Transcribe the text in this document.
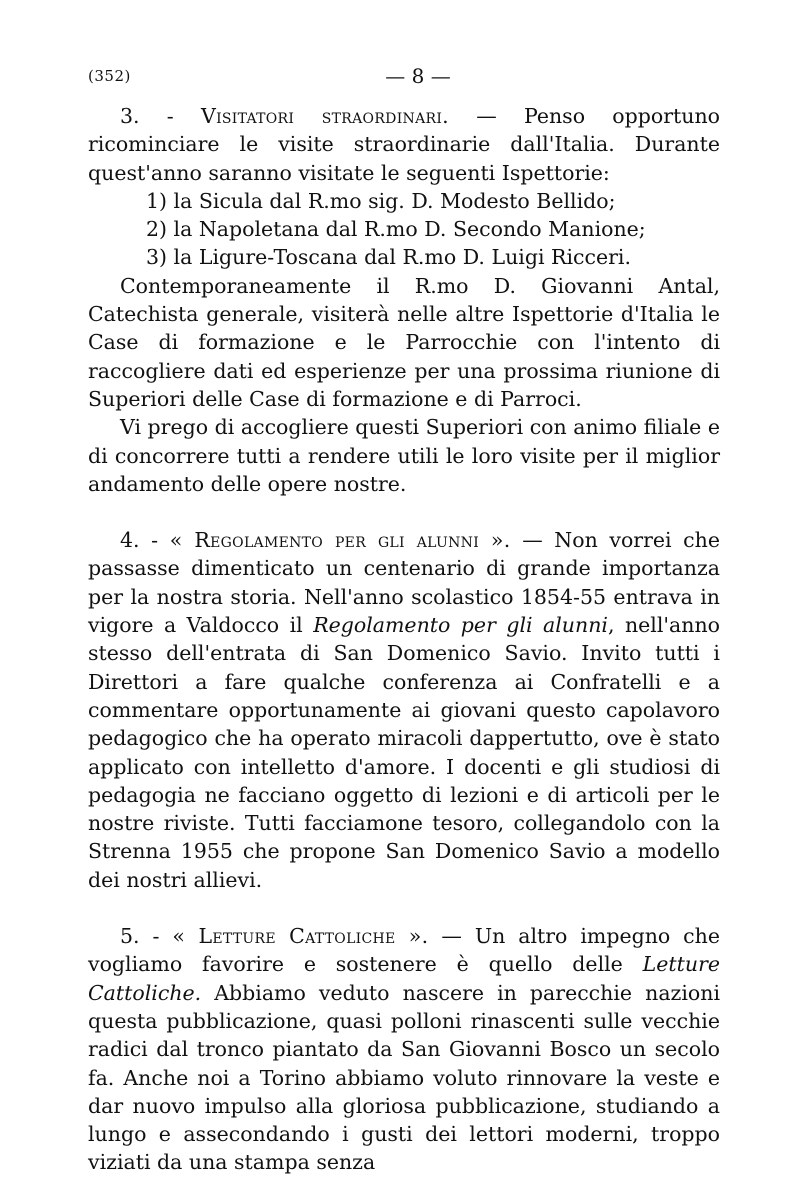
(352)	— 8 —

3. - Visitatori straordinari. — Penso opportuno ricominciare le visite straordinarie dall'Italia. Durante quest'anno saranno visitate le seguenti Ispettorie:

1) la Sicula dal R.mo sig. D. Modesto Bellido;

2) la Napoletana dal R.mo D. Secondo Manione;

3) la Ligure-Toscana dal R.mo D. Luigi Ricceri.

Contemporaneamente il R.mo D. Giovanni Antal, Catechista generale, visiterà nelle altre Ispettorie d'Italia le Case di formazione e le Parrocchie con l'intento di raccogliere dati ed esperienze per una prossima riunione di Superiori delle Case di formazione e di Parroci.

Vi prego di accogliere questi Superiori con animo filiale e di concorrere tutti a rendere utili le loro visite per il miglior andamento delle opere nostre.

4. - « Regolamento per gli alunni ». — Non vorrei che passasse dimenticato un centenario di grande importanza per la nostra storia. Nell'anno scolastico 1854-55 entrava in vigore a Valdocco il Regolamento per gli alunni, nell'anno stesso dell'entrata di San Domenico Savio. Invito tutti i Direttori a fare qualche conferenza ai Confratelli e a commentare opportunamente ai giovani questo capolavoro pedagogico che ha operato miracoli dappertutto, ove è stato applicato con intelletto d'amore. I docenti e gli studiosi di pedagogia ne facciano oggetto di lezioni e di articoli per le nostre riviste. Tutti facciamone tesoro, collegandolo con la Strenna 1955 che propone San Domenico Savio a modello dei nostri allievi.

5. - « Letture Cattoliche ». — Un altro impegno che vogliamo favorire e sostenere è quello delle Letture Cattoliche. Abbiamo veduto nascere in parecchie nazioni questa pubblicazione, quasi polloni rinascenti sulle vecchie radici dal tronco piantato da San Giovanni Bosco un secolo fa. Anche noi a Torino abbiamo voluto rinnovare la veste e dar nuovo impulso alla gloriosa pubblicazione, studiando a lungo e assecondando i gusti dei lettori moderni, troppo viziati da una stampa senza
